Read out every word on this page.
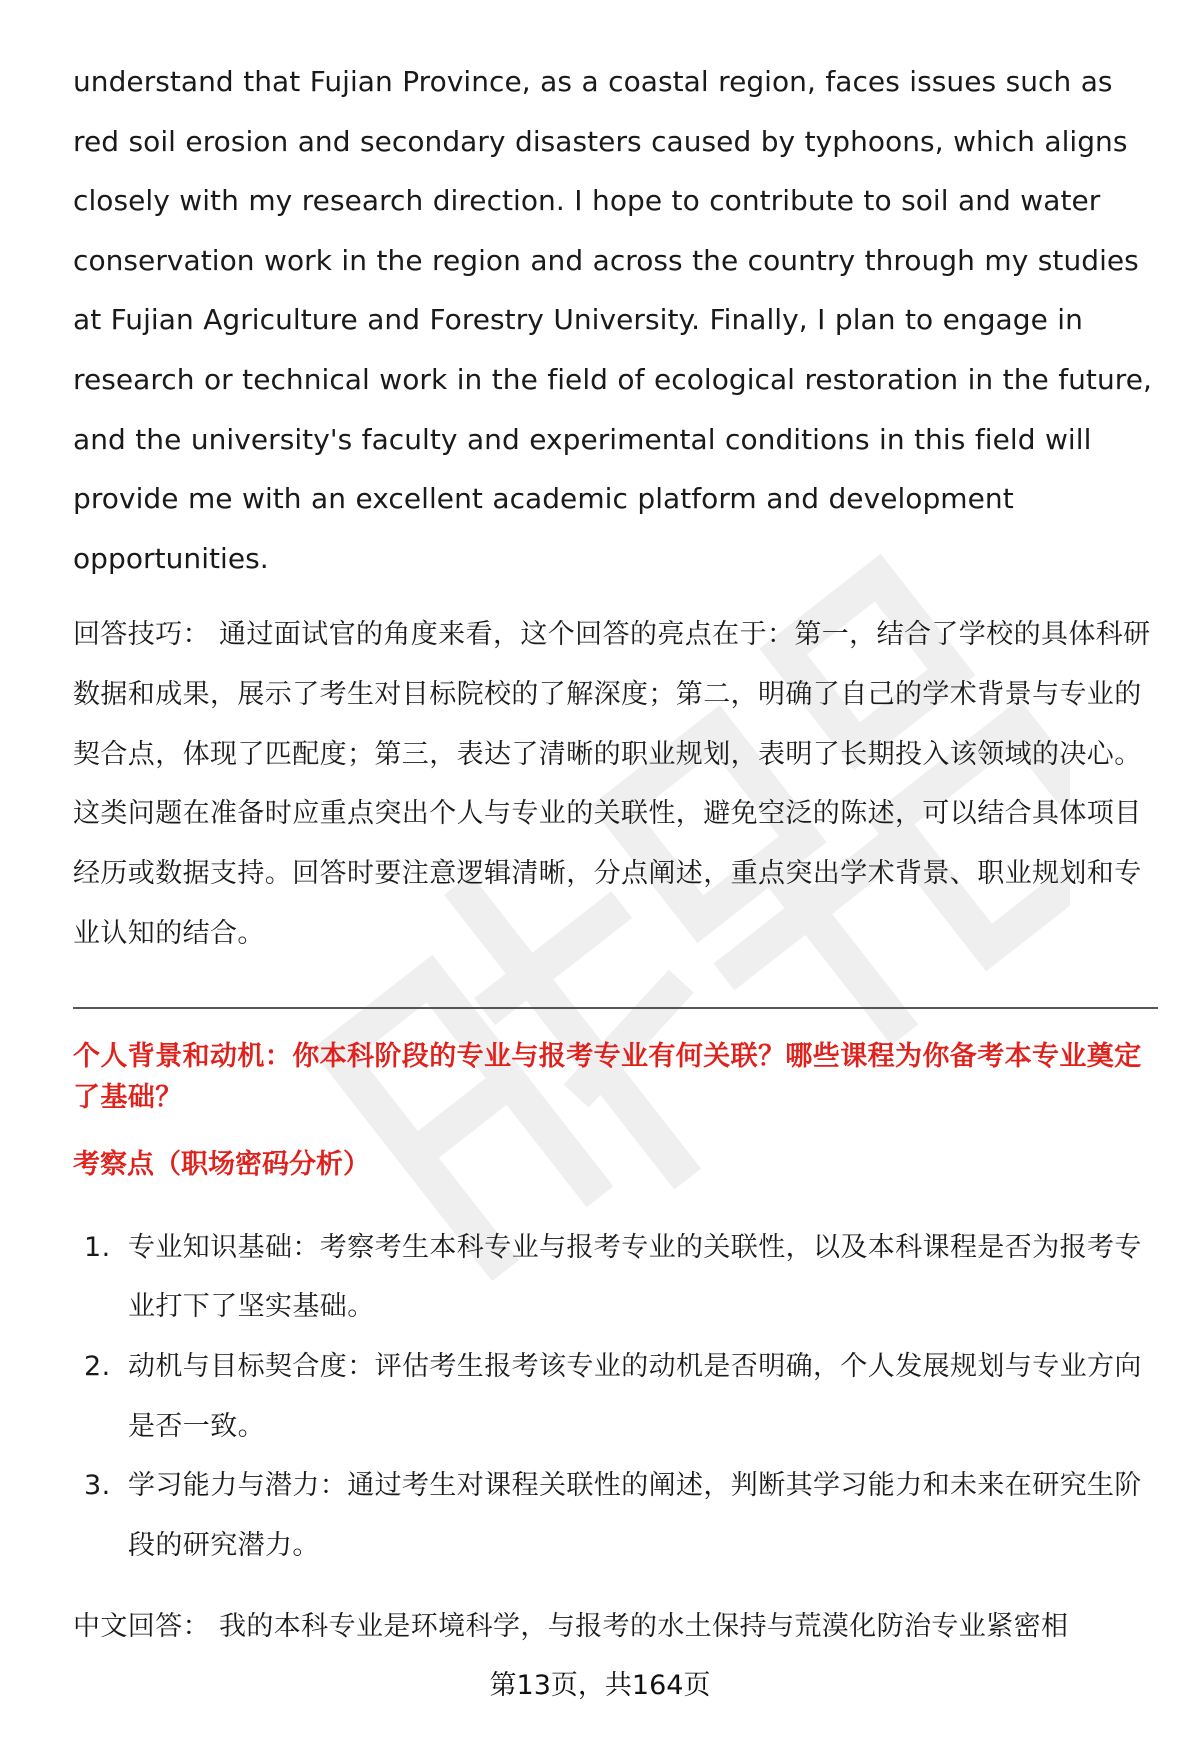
understand that Fujian Province, as a coastal region, faces issues such as red soil erosion and secondary disasters caused by typhoons, which aligns closely with my research direction. I hope to contribute to soil and water conservation work in the region and across the country through my studies at Fujian Agriculture and Forestry University. Finally, I plan to engage in research or technical work in the field of ecological restoration in the future, and the university's faculty and experimental conditions in this field will provide me with an excellent academic platform and development opportunities.

回答技巧： 通过面试官的角度来看，这个回答的亮点在于：第一，结合了学校的具体科研数据和成果，展示了考生对目标院校的了解深度；第二，明确了自己的学术背景与专业的契合点，体现了匹配度；第三，表达了清晰的职业规划，表明了长期投入该领域的决心。这类问题在准备时应重点突出个人与专业的关联性，避免空泛的陈述，可以结合具体项目经历或数据支持。回答时要注意逻辑清晰，分点阐述，重点突出学术背景、职业规划和专业认知的结合。

个人背景和动机：你本科阶段的专业与报考专业有何关联？哪些课程为你备考本专业奠定了基础？

考察点（职场密码分析）

1. 专业知识基础：考察考生本科专业与报考专业的关联性，以及本科课程是否为报考专业打下了坚实基础。
2. 动机与目标契合度：评估考生报考该专业的动机是否明确，个人发展规划与专业方向是否一致。
3. 学习能力与潜力：通过考生对课程关联性的阐述，判断其学习能力和未来在研究生阶段的研究潜力。

中文回答： 我的本科专业是环境科学，与报考的水土保持与荒漠化防治专业紧密相

第13页，共164页
